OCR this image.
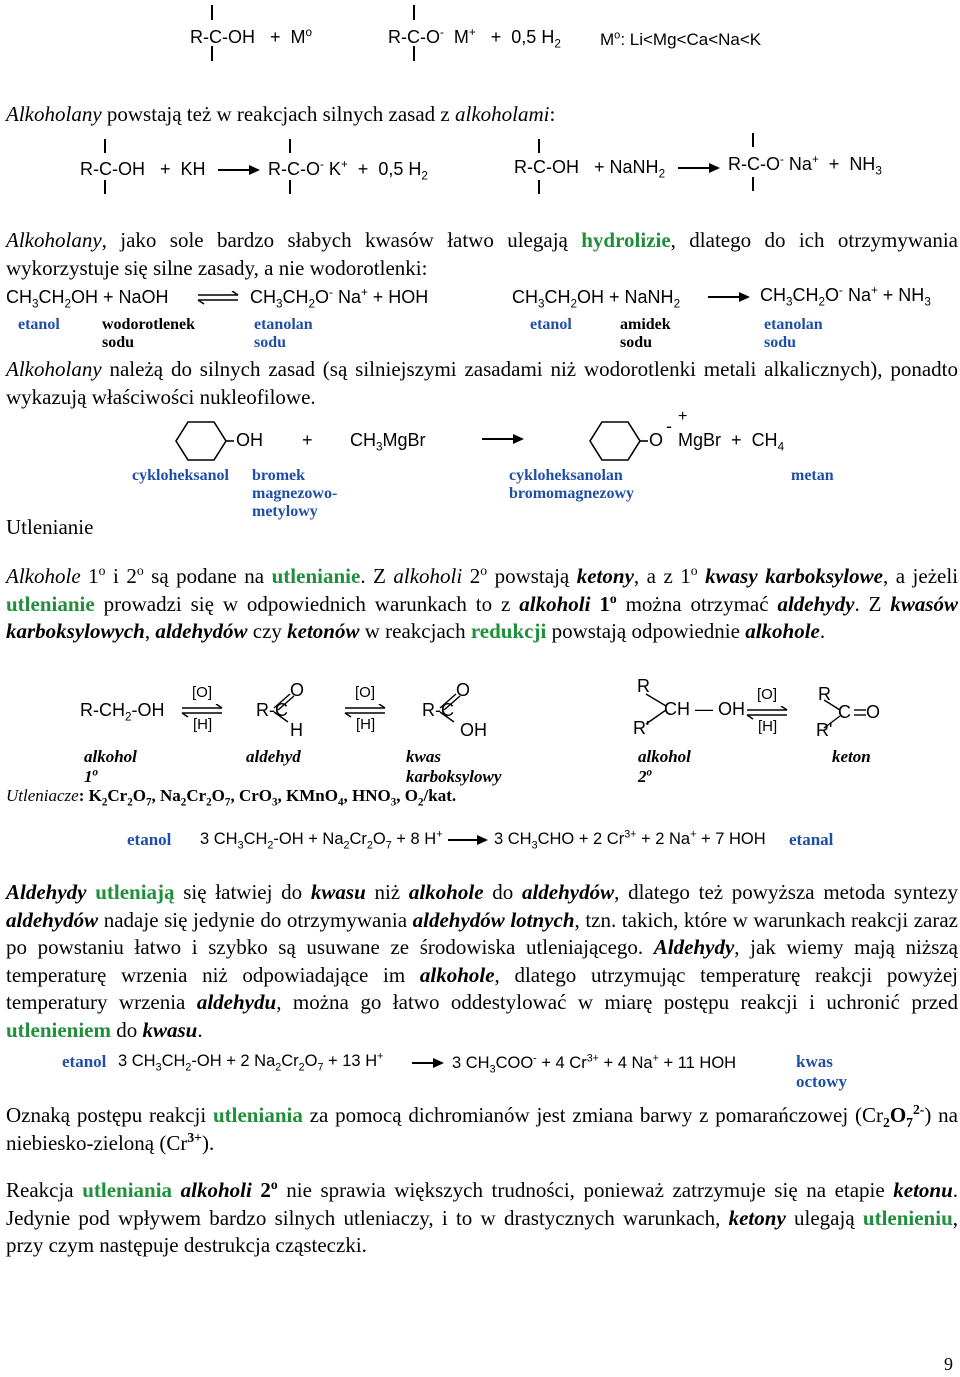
$R-C-OH + M^o$	R-C-O- M+ + 0,5 $H_2$ $M^o$: Li<Mg<Ca<Na<K
Alkoholany powstają też w reakcjach silnych zasad z alkoholami:
R-C-OH + KH → R-C-O- K+ + 0,5 $H_2$	R-C-OH + NaNH$_2$ → R-C-O- $Na^+ + NH_3$
Alkoholany, jako sole bardzo słabych kwasów łatwo ulegają hydrolizie, dlatego do ich otrzymywania wykorzystuje się silne zasady, a nie wodorotlenki:
$CH_3CH_2OH$ + NaOH ⇌ $CH_3CH_2O^-$ Na+ + HOH	$CH_3CH_2OH$ + NaNH$_2$ → $CH_3CH_2O^-$ $Na^+ + NH_3$
etanol	wodorotlenek sodu
etanolan sodu
etanol	amidek sodu
etanolan sodu
Alkoholany należą do silnych zasad (są silniejszymi zasadami niż wodorotlenki metali alkalicznych), ponadto wykazują właściwości nukleofilowe.
OH + $CH_3MgBr$	O
- +
MgBr + $CH_4$
cykloheksanol bromek magnezowo-metylowy
cykloheksanolan bromomagnezowy
metan
Utlenianie
Alkohole 1$^o$ i 2$^o$ są podane na utlenianie. Z alkoholi 2$^o$ powstają ketony, a z 1$^o$ kwasy karboksylowe, a jeżeli utlenianie prowadzi się w odpowiednich warunkach to z alkoholi 1$^o$ można otrzymać aldehydy. Z kwasów karboksylowych, aldehydów czy ketonów w reakcjach redukcji powstają odpowiednie alkohole.
$R-CH_2-OH$
[O]
[H]
R-C
O
H
[O]
[H]
R-C
O
OH
R
CH — OH
R'
[O]
[H]
R
C O
R'
alkohol 1$^o$
aldehyd	kwas karboksylowy
alkohol 2$^o$
keton
Utleniacze: $K_2Cr_2O_7$, $Na_2Cr_2O_7$, CrO$_3$, KMnO$_4$, $HNO_3$, $O_2$/kat.
etanol 3 $CH_3CH_2-OH + Na_2Cr_2O_7 + 8$ H+ → 3 $CH_3CHO + 2$ $Cr^{3+} + 2$ Na+ + 7 HOH etanal
Aldehydy utleniają się łatwiej do kwasu niż alkohole do aldehydów, dlatego też powyższa metoda syntezy aldehydów nadaje się jedynie do otrzymywania aldehydów lotnych, tzn. takich, które w warunkach reakcji zaraz po powstaniu łatwo i szybko są usuwane ze środowiska utleniającego. Aldehydy, jak wiemy mają niższą temperaturę wrzenia niż odpowiadające im alkohole, dlatego utrzymując temperaturę reakcji powyżej temperatury wrzenia aldehydu, można go łatwo oddestylować w miarę postępu reakcji i uchronić przed utlenieniem do kwasu.
etanol 3 $CH_3CH_2-OH + 2$ $Na_2Cr_2O_7 + 13$ H+ → 3 $CH_3COO^- + 4$ $Cr^{3+} + 4$ Na+ + 11 HOH	kwas octowy
Oznaką postępu reakcji utleniania za pomocą dichromianów jest zmiana barwy z pomarańczowej $(Cr_2O_7^{2-})$ na niebiesko-zieloną $(Cr^{3+})$.
Reakcja utleniania alkoholi 2$^o$ nie sprawia większych trudności, ponieważ zatrzymuje się na etapie ketonu. Jedynie pod wpływem bardzo silnych utleniaczy, i to w drastycznych warunkach, ketony ulegają utlenieniu, przy czym następuje destrukcja cząsteczki.
9
